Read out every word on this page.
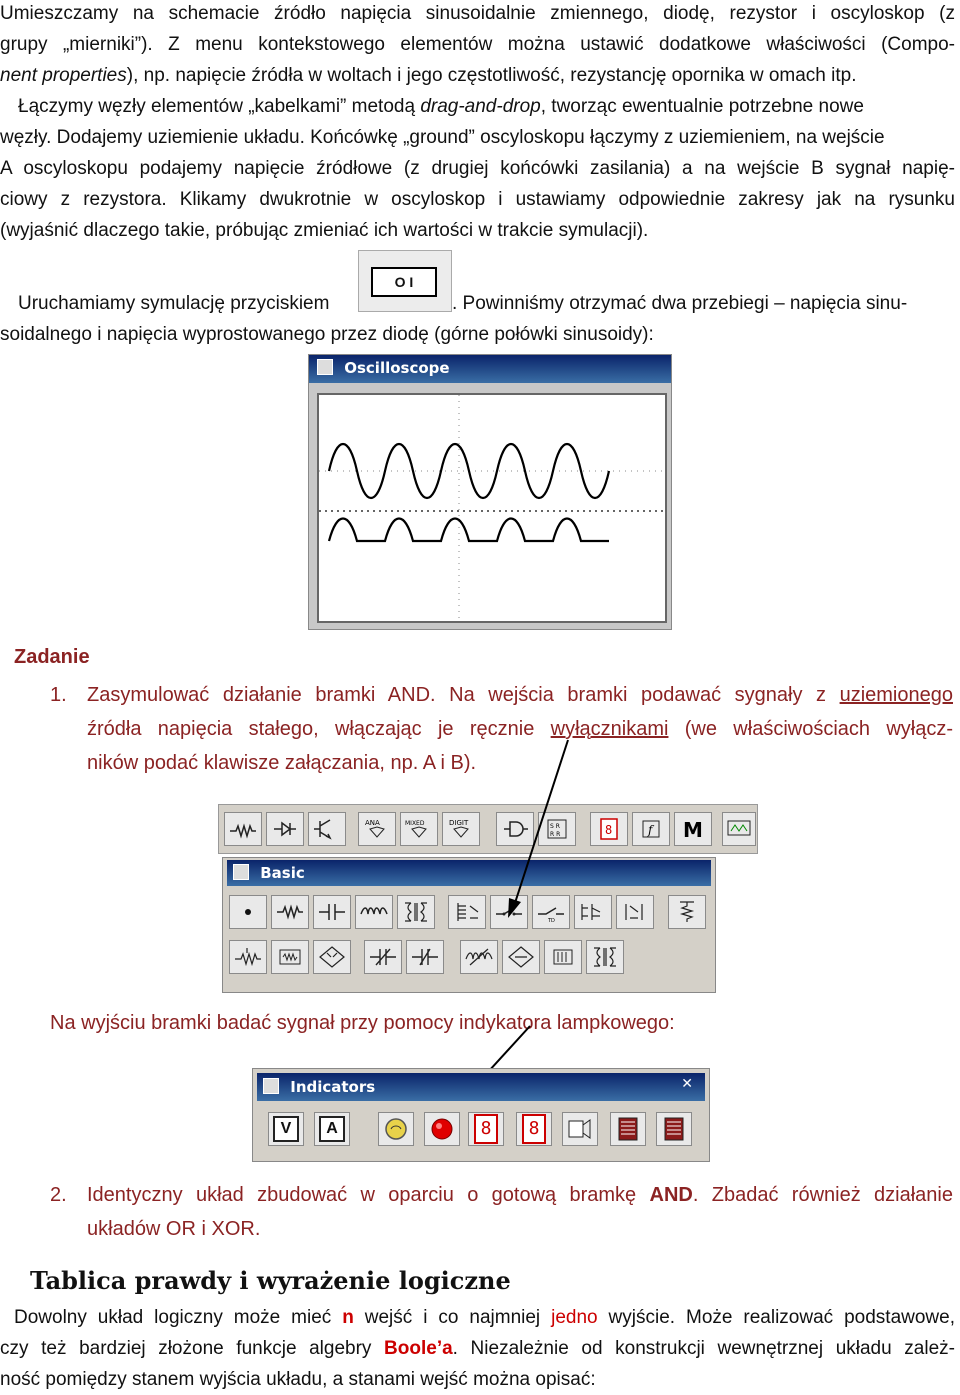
Umieszczamy na schemacie źródło napięcia sinusoidalnie zmiennego, diodę, rezystor i oscyloskop (z
grupy „mierniki”). Z menu kontekstowego elementów można ustawić dodatkowe właściwości (Compo-
nent properties), np. napięcie źródła w woltach i jego częstotliwość, rezystancję opornika w omach itp.
Łączymy węzły elementów „kabelkami” metodą drag-and-drop, tworząc ewentualnie potrzebne nowe
węzły. Dodajemy uziemienie układu. Końcówkę „ground” oscyloskopu łączymy z uziemieniem, na wejście
A oscyloskopu podajemy napięcie źródłowe (z drugiej końcówki zasilania) a na wejście B sygnał napię-
ciowy z rezystora. Klikamy dwukrotnie w oscyloskop i ustawiamy odpowiednie zakresy jak na rysunku
(wyjaśnić dlaczego takie, próbując zmieniać ich wartości w trakcie symulacji).
Uruchamiamy symulację przyciskiem
O I
. Powinniśmy otrzymać dwa przebiegi – napięcia sinu-
soidalnego i napięcia wyprostowanego przez diodę (górne połówki sinusoidy):
Oscilloscope
Zadanie
1. Zasymulować działanie bramki AND. Na wejścia bramki podawać sygnały z uziemionego
źródła napięcia stałego, włączając je ręcznie wyłącznikami (we właściwościach wyłącz-
ników podać klawisze załączania, np. A i B).
ANA	MIXED	DIGIT	S R
R R	8	f M
Basic
TD
Na wyjściu bramki badać sygnał przy pomocy indykatora lampkowego:
Indicators	✕
V	A	8	8
2. Identyczny układ zbudować w oparciu o gotową bramkę AND. Zbadać również działanie
układów OR i XOR.
Tablica prawdy i wyrażenie logiczne
Dowolny układ logiczny może mieć n wejść i co najmniej jedno wyjście. Może realizować podstawowe,
czy też bardziej złożone funkcje algebry Boole’a. Niezależnie od konstrukcji wewnętrznej układu zależ-
ność pomiędzy stanem wyjścia układu, a stanami wejść można opisać:
